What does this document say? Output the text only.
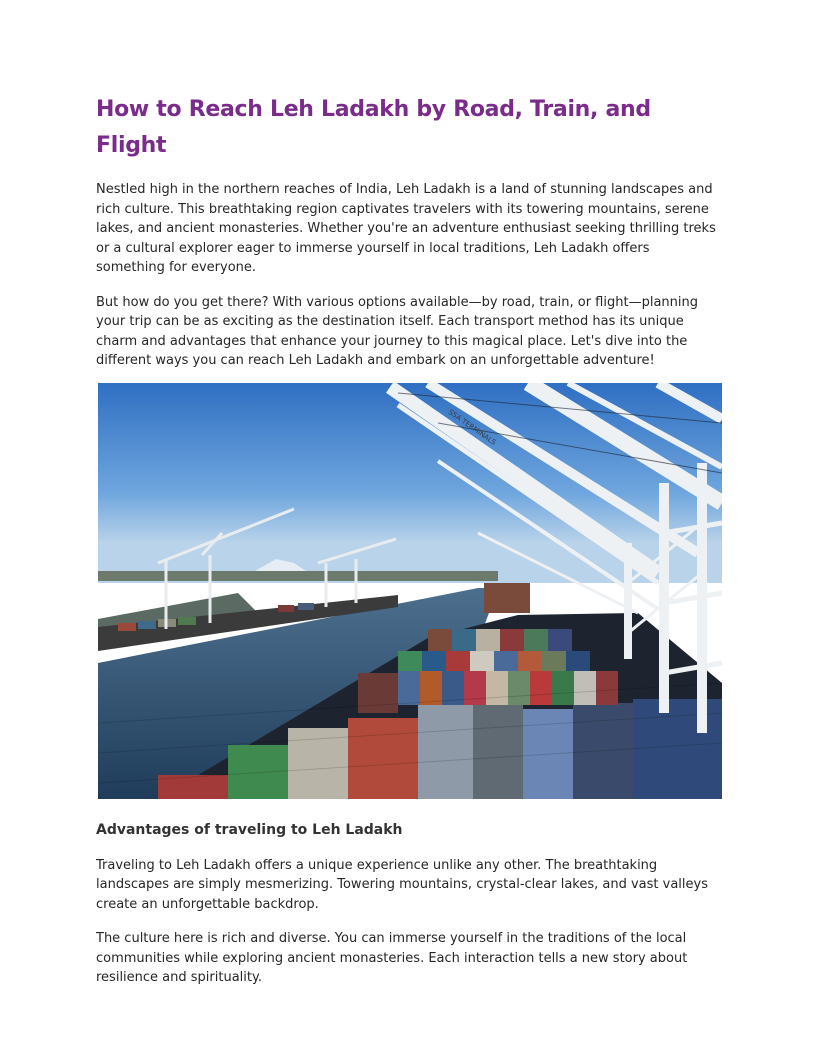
How to Reach Leh Ladakh by Road, Train, and Flight

Nestled high in the northern reaches of India, Leh Ladakh is a land of stunning landscapes and rich culture. This breathtaking region captivates travelers with its towering mountains, serene lakes, and ancient monasteries. Whether you're an adventure enthusiast seeking thrilling treks or a cultural explorer eager to immerse yourself in local traditions, Leh Ladakh offers something for everyone.

But how do you get there? With various options available—by road, train, or flight—planning your trip can be as exciting as the destination itself. Each transport method has its unique charm and advantages that enhance your journey to this magical place. Let's dive into the different ways you can reach Leh Ladakh and embark on an unforgettable adventure!

SSA TERMINALS
Advantages of traveling to Leh Ladakh

Traveling to Leh Ladakh offers a unique experience unlike any other. The breathtaking landscapes are simply mesmerizing. Towering mountains, crystal-clear lakes, and vast valleys create an unforgettable backdrop.

The culture here is rich and diverse. You can immerse yourself in the traditions of the local communities while exploring ancient monasteries. Each interaction tells a new story about resilience and spirituality.
